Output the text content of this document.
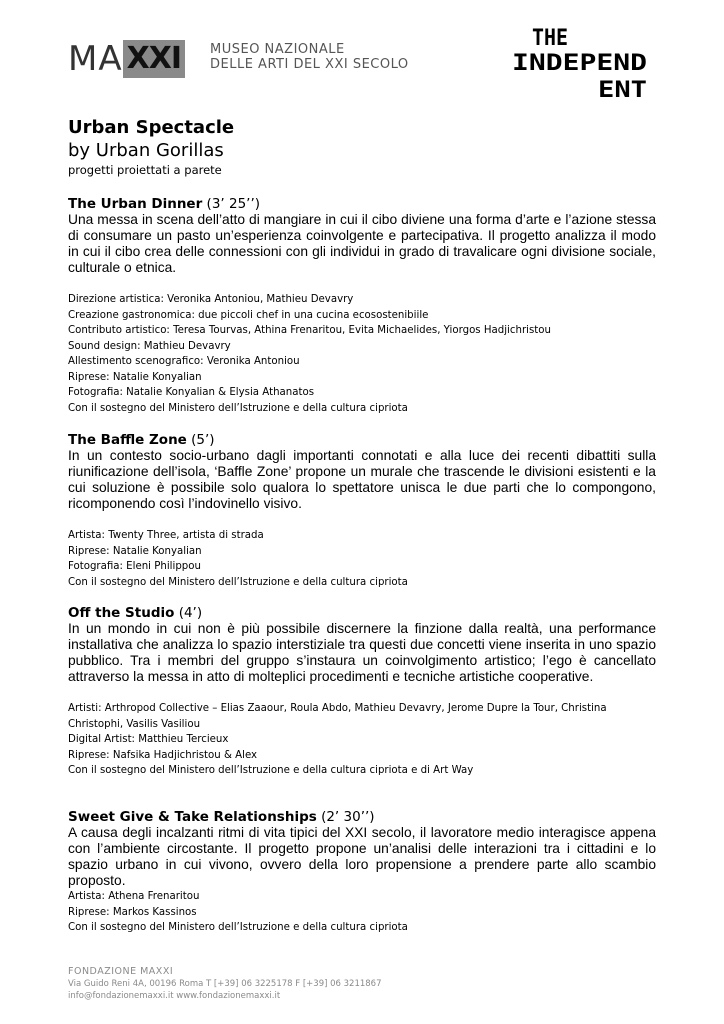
MA XXI	MUSEO NAZIONALE
DELLE ARTI DEL XXI SECOLO
THE
INDEPEND
ENT
Urban Spectacle
by Urban Gorillas
progetti proiettati a parete
The Urban Dinner (3’ 25’’)
Una messa in scena dell’atto di mangiare in cui il cibo diviene una forma d’arte e l’azione stessa di consumare un pasto un’esperienza coinvolgente e partecipativa. Il progetto analizza il modo in cui il cibo crea delle connessioni con gli individui in grado di travalicare ogni divisione sociale, culturale o etnica.
Direzione artistica: Veronika Antoniou, Mathieu Devavry
Creazione gastronomica: due piccoli chef in una cucina ecosostenibiile
Contributo artistico: Teresa Tourvas, Athina Frenaritou, Evita Michaelides, Yiorgos Hadjichristou
Sound design: Mathieu Devavry
Allestimento scenografico: Veronika Antoniou
Riprese: Natalie Konyalian
Fotografia: Natalie Konyalian & Elysia Athanatos
Con il sostegno del Ministero dell’Istruzione e della cultura cipriota
The Baffle Zone (5’)
In un contesto socio-urbano dagli importanti connotati e alla luce dei recenti dibattiti sulla riunificazione dell’isola, ‘Baffle Zone’ propone un murale che trascende le divisioni esistenti e la cui soluzione è possibile solo qualora lo spettatore unisca le due parti che lo compongono, ricomponendo così l’indovinello visivo.
Artista: Twenty Three, artista di strada
Riprese: Natalie Konyalian
Fotografia: Eleni Philippou
Con il sostegno del Ministero dell’Istruzione e della cultura cipriota
Off the Studio (4’)
In un mondo in cui non è più possibile discernere la finzione dalla realtà, una performance installativa che analizza lo spazio interstiziale tra questi due concetti viene inserita in uno spazio pubblico. Tra i membri del gruppo s’instaura un coinvolgimento artistico; l’ego è cancellato attraverso la messa in atto di molteplici procedimenti e tecniche artistiche cooperative.
Artisti: Arthropod Collective – Elias Zaaour, Roula Abdo, Mathieu Devavry, Jerome Dupre la Tour, Christina Christophi, Vasilis Vasiliou
Digital Artist: Matthieu Tercieux
Riprese: Nafsika Hadjichristou & Alex
Con il sostegno del Ministero dell’Istruzione e della cultura cipriota e di Art Way
Sweet Give & Take Relationships (2’ 30’’)
A causa degli incalzanti ritmi di vita tipici del XXI secolo, il lavoratore medio interagisce appena con l’ambiente circostante. Il progetto propone un’analisi delle interazioni tra i cittadini e lo spazio urbano in cui vivono, ovvero della loro propensione a prendere parte allo scambio proposto.
Artista: Athena Frenaritou
Riprese: Markos Kassinos
Con il sostegno del Ministero dell’Istruzione e della cultura cipriota
FONDAZIONE MAXXI
Via Guido Reni 4A, 00196 Roma T [+39] 06 3225178 F [+39] 06 3211867
info@fondazionemaxxi.it www.fondazionemaxxi.it
